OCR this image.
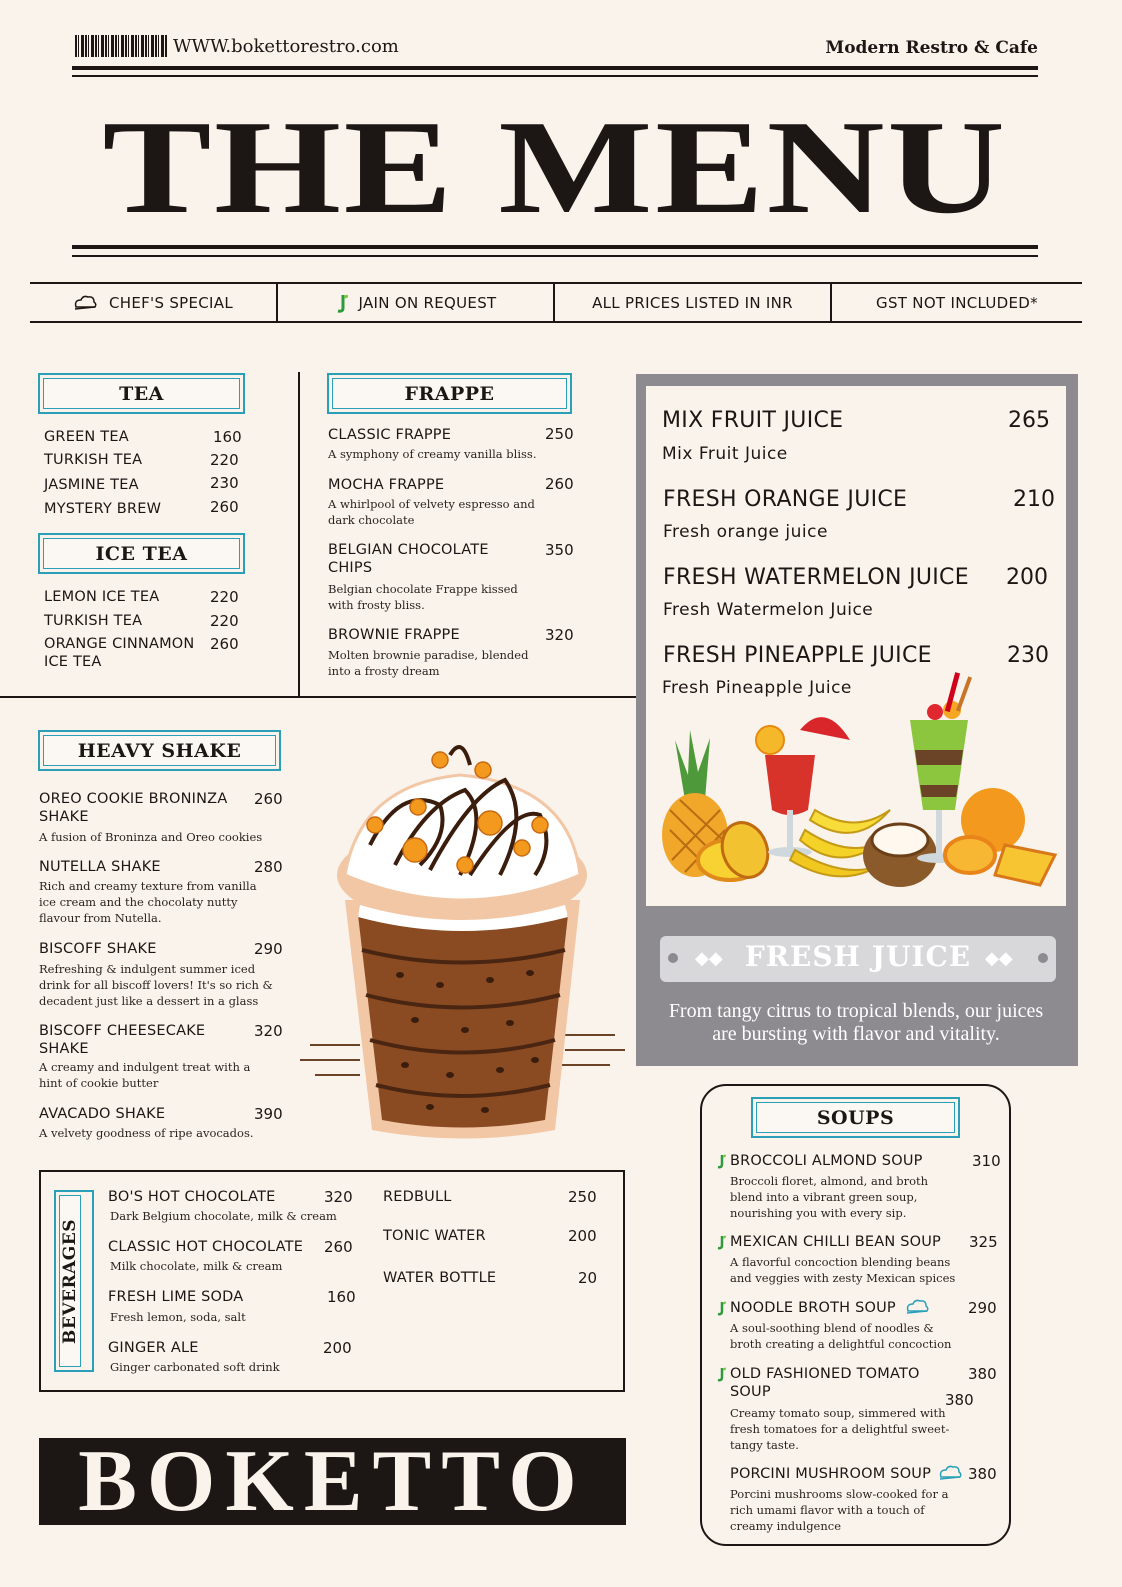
WWW.bokettorestro.com	Modern Restro & Cafe
THE MENU
CHEF'S SPECIAL	JAIN ON REQUEST	ALL PRICES LISTED IN INR	GST NOT INCLUDED*
TEA
GREEN TEA	160
TURKISH TEA	220
JASMINE TEA	230
MYSTERY BREW	260
ICE TEA
LEMON ICE TEA	220
TURKISH TEA	220
ORANGE CINNAMON ICE TEA
260
FRAPPE
CLASSIC FRAPPE	250
A symphony of creamy vanilla bliss.
MOCHA FRAPPE	260
A whirlpool of velvety espresso and dark chocolate
BELGIAN CHOCOLATE CHIPS
350
Belgian chocolate Frappe kissed with frosty bliss.
BROWNIE FRAPPE	320
Molten brownie paradise, blended into a frosty dream
MIX FRUIT JUICE	265
Mix Fruit Juice
FRESH ORANGE JUICE	210
Fresh orange juice
FRESH WATERMELON JUICE 200
Fresh Watermelon Juice
FRESH PINEAPPLE JUICE	230
Fresh Pineapple Juice
◆◆	◆◆
FRESH JUICE
From tangy citrus to tropical blends, our juices are bursting with flavor and vitality.
HEAVY SHAKE
OREO COOKIE BRONINZA SHAKE
260
A fusion of Broninza and Oreo cookies
NUTELLA SHAKE	280
Rich and creamy texture from vanilla ice cream and the chocolaty nutty flavour from Nutella.
BISCOFF SHAKE	290
Refreshing & indulgent summer iced drink for all biscoff lovers! It's so rich & decadent just like a dessert in a glass
BISCOFF CHEESECAKE SHAKE
320
A creamy and indulgent treat with a hint of cookie butter
AVACADO SHAKE	390
A velvety goodness of ripe avocados.
BEVERAGES
BO'S HOT CHOCOLATE	320
Dark Belgium chocolate, milk & cream
CLASSIC HOT CHOCOLATE 260
Milk chocolate, milk & cream
FRESH LIME SODA	160
Fresh lemon, soda, salt
GINGER ALE	200
Ginger carbonated soft drink
REDBULL	250
TONIC WATER	200
WATER BOTTLE	20
BOKETTO
SOUPS
BROCCOLI ALMOND SOUP	310
Broccoli floret, almond, and broth blend into a vibrant green soup, nourishing you with every sip.
MEXICAN CHILLI BEAN SOUP 325
A flavorful concoction blending beans and veggies with zesty Mexican spices
NOODLE BROTH SOUP	290
A soul-soothing blend of noodles & broth creating a delightful concoction
OLD FASHIONED TOMATO SOUP
380
380
Creamy tomato soup, simmered with fresh tomatoes for a delightful sweet-tangy taste.
PORCINI MUSHROOM SOUP 380
Porcini mushrooms slow-cooked for a rich umami flavor with a touch of creamy indulgence
